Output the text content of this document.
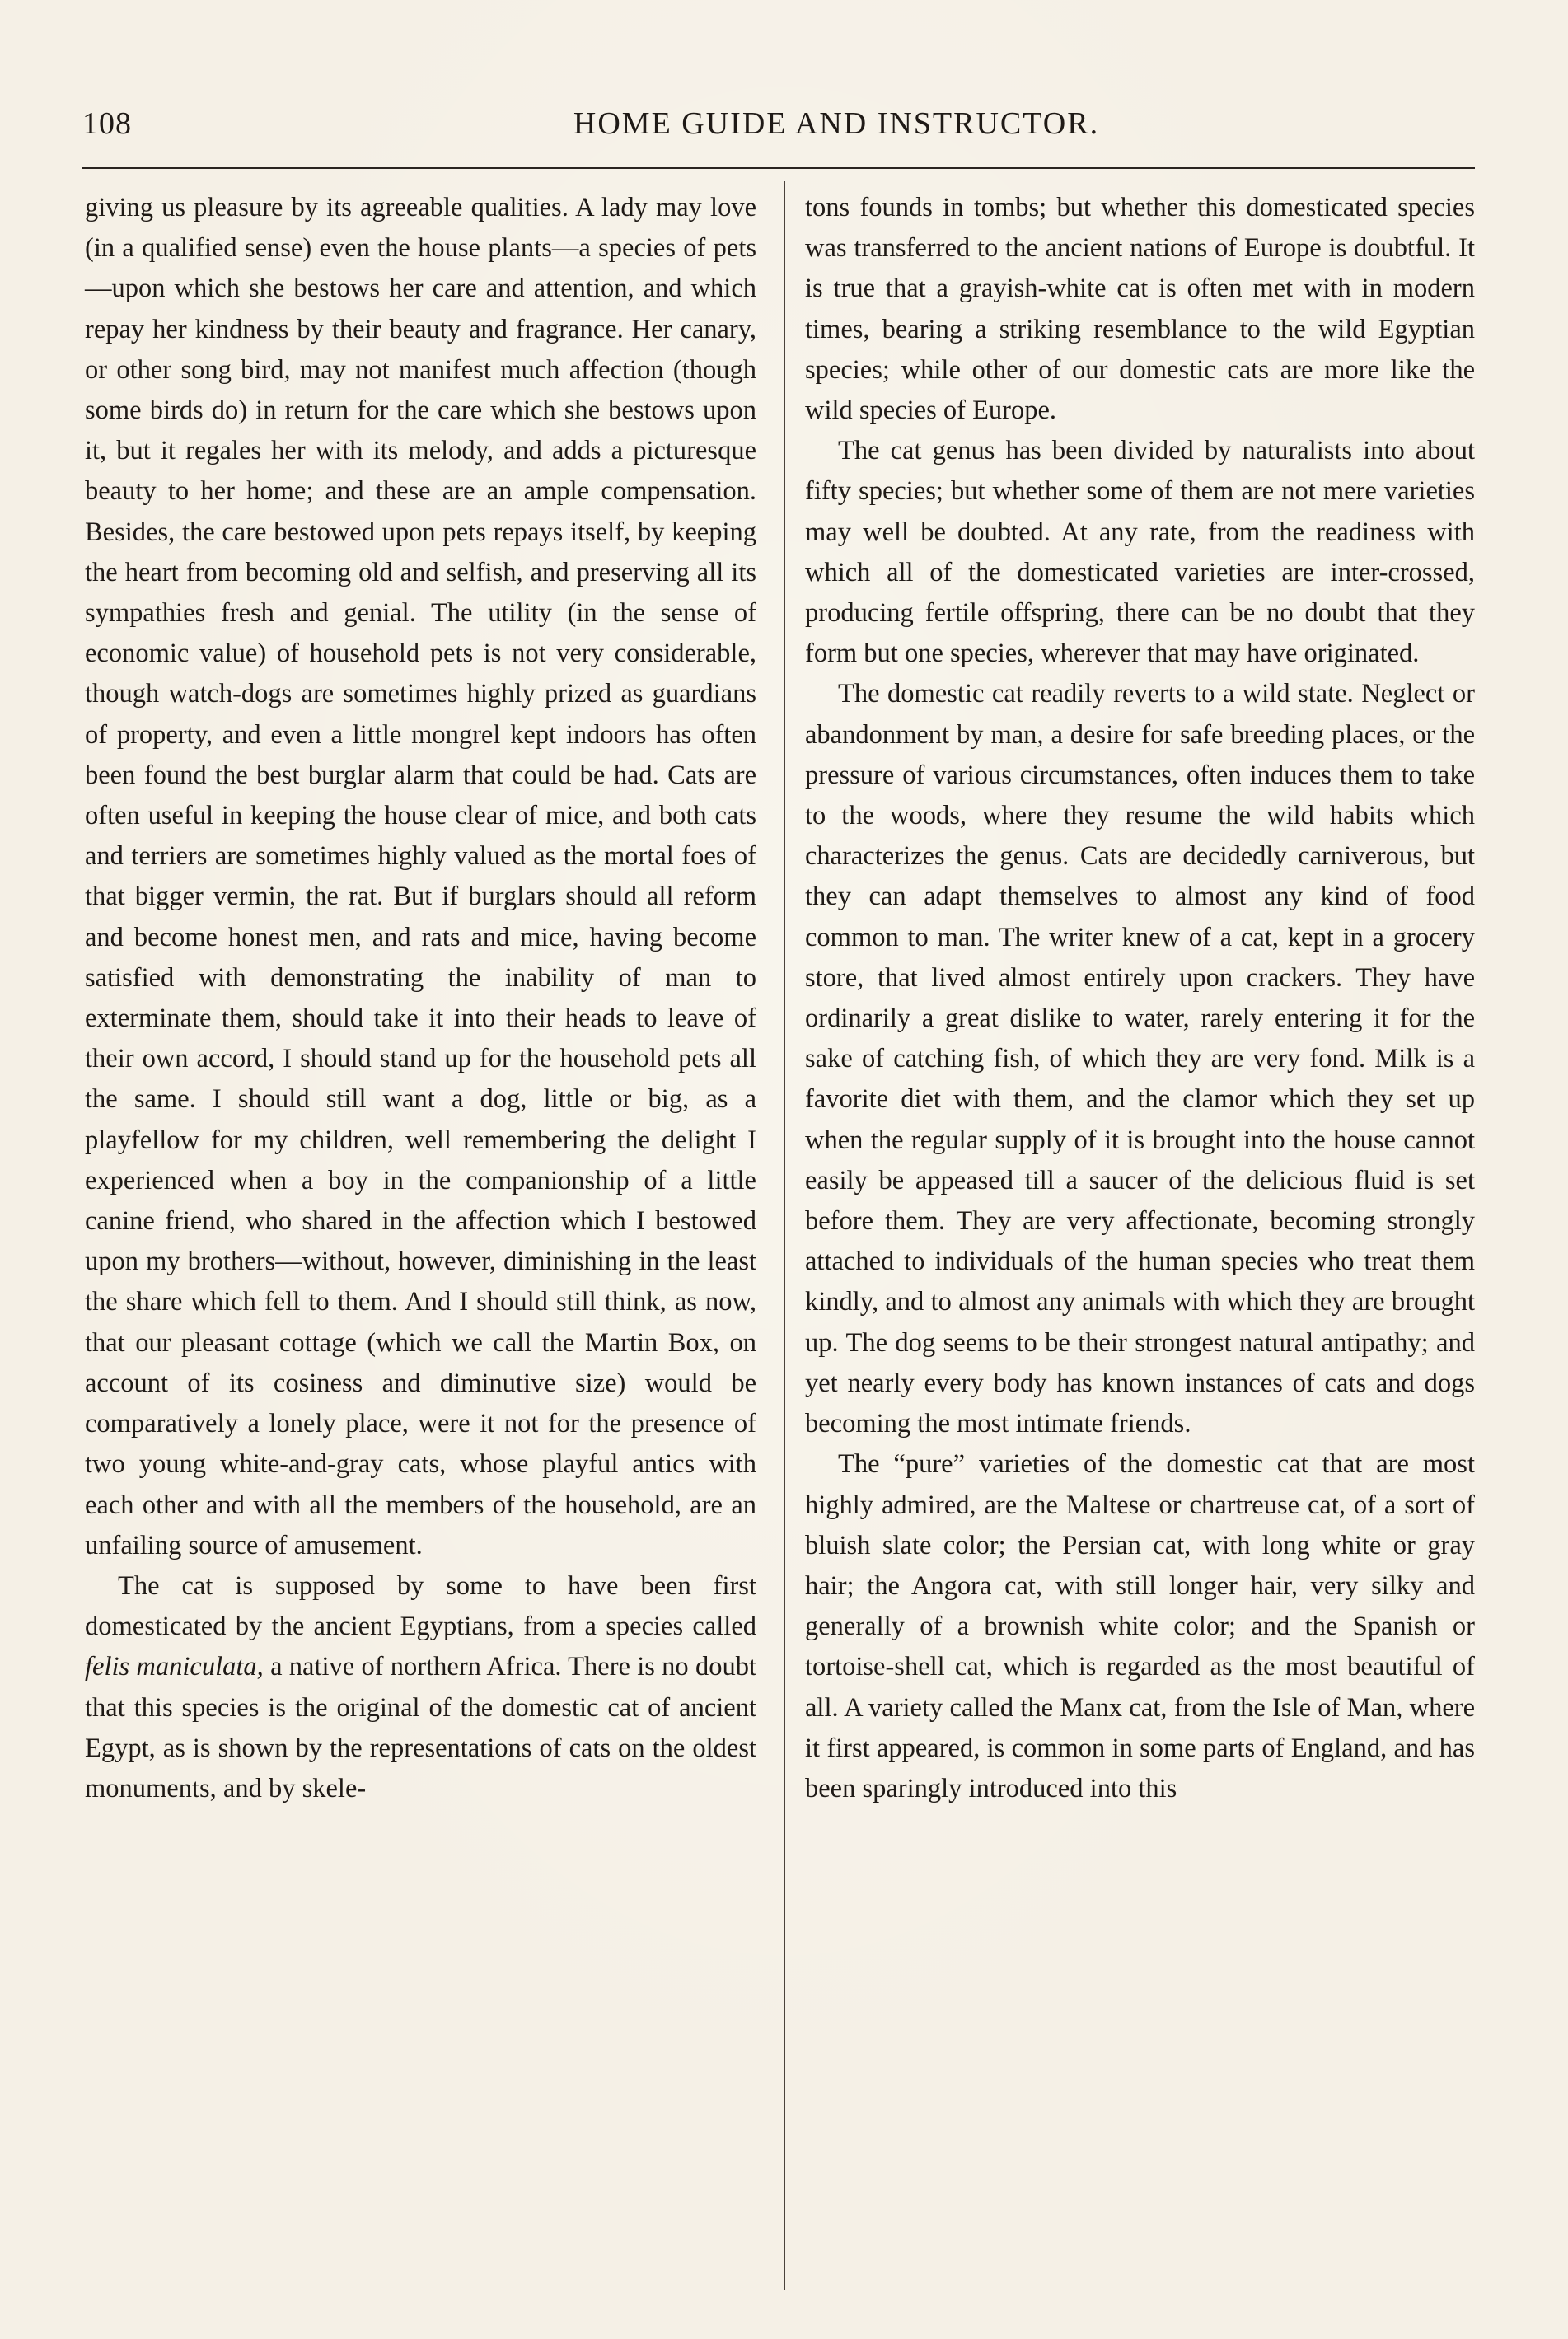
108	HOME GUIDE AND INSTRUCTOR.

giving us pleasure by its agreeable qualities. A lady may love (in a qualified sense) even the house plants—a species of pets—upon which she bestows her care and attention, and which repay her kindness by their beauty and fragrance. Her canary, or other song bird, may not manifest much affection (though some birds do) in return for the care which she bestows upon it, but it regales her with its melody, and adds a picturesque beauty to her home; and these are an ample compensation. Besides, the care bestowed upon pets repays itself, by keeping the heart from becoming old and selfish, and preserving all its sympathies fresh and genial. The utility (in the sense of economic value) of household pets is not very considerable, though watch-dogs are sometimes highly prized as guardians of property, and even a little mongrel kept indoors has often been found the best burglar alarm that could be had. Cats are often useful in keeping the house clear of mice, and both cats and terriers are sometimes highly valued as the mortal foes of that bigger vermin, the rat. But if burglars should all reform and become honest men, and rats and mice, having become satisfied with demonstrating the inability of man to exterminate them, should take it into their heads to leave of their own accord, I should stand up for the household pets all the same. I should still want a dog, little or big, as a playfellow for my children, well remembering the delight I experienced when a boy in the companionship of a little canine friend, who shared in the affection which I bestowed upon my brothers—without, however, diminishing in the least the share which fell to them. And I should still think, as now, that our pleasant cottage (which we call the Martin Box, on account of its cosiness and diminutive size) would be comparatively a lonely place, were it not for the presence of two young white-and-gray cats, whose playful antics with each other and with all the members of the household, are an unfailing source of amusement.

The cat is supposed by some to have been first domesticated by the ancient Egyptians, from a species called felis maniculata, a native of northern Africa. There is no doubt that this species is the original of the domestic cat of ancient Egypt, as is shown by the representations of cats on the oldest monuments, and by skele-

tons founds in tombs; but whether this domesticated species was transferred to the ancient nations of Europe is doubtful. It is true that a grayish-white cat is often met with in modern times, bearing a striking resemblance to the wild Egyptian species; while other of our domestic cats are more like the wild species of Europe.

The cat genus has been divided by naturalists into about fifty species; but whether some of them are not mere varieties may well be doubted. At any rate, from the readiness with which all of the domesticated varieties are inter-crossed, producing fertile offspring, there can be no doubt that they form but one species, wherever that may have originated.

The domestic cat readily reverts to a wild state. Neglect or abandonment by man, a desire for safe breeding places, or the pressure of various circumstances, often induces them to take to the woods, where they resume the wild habits which characterizes the genus. Cats are decidedly carniverous, but they can adapt themselves to almost any kind of food common to man. The writer knew of a cat, kept in a grocery store, that lived almost entirely upon crackers. They have ordinarily a great dislike to water, rarely entering it for the sake of catching fish, of which they are very fond. Milk is a favorite diet with them, and the clamor which they set up when the regular supply of it is brought into the house cannot easily be appeased till a saucer of the delicious fluid is set before them. They are very affectionate, becoming strongly attached to individuals of the human species who treat them kindly, and to almost any animals with which they are brought up. The dog seems to be their strongest natural antipathy; and yet nearly every body has known instances of cats and dogs becoming the most intimate friends.

The “pure” varieties of the domestic cat that are most highly admired, are the Maltese or chartreuse cat, of a sort of bluish slate color; the Persian cat, with long white or gray hair; the Angora cat, with still longer hair, very silky and generally of a brownish white color; and the Spanish or tortoise-shell cat, which is regarded as the most beautiful of all. A variety called the Manx cat, from the Isle of Man, where it first appeared, is common in some parts of England, and has been sparingly introduced into this
